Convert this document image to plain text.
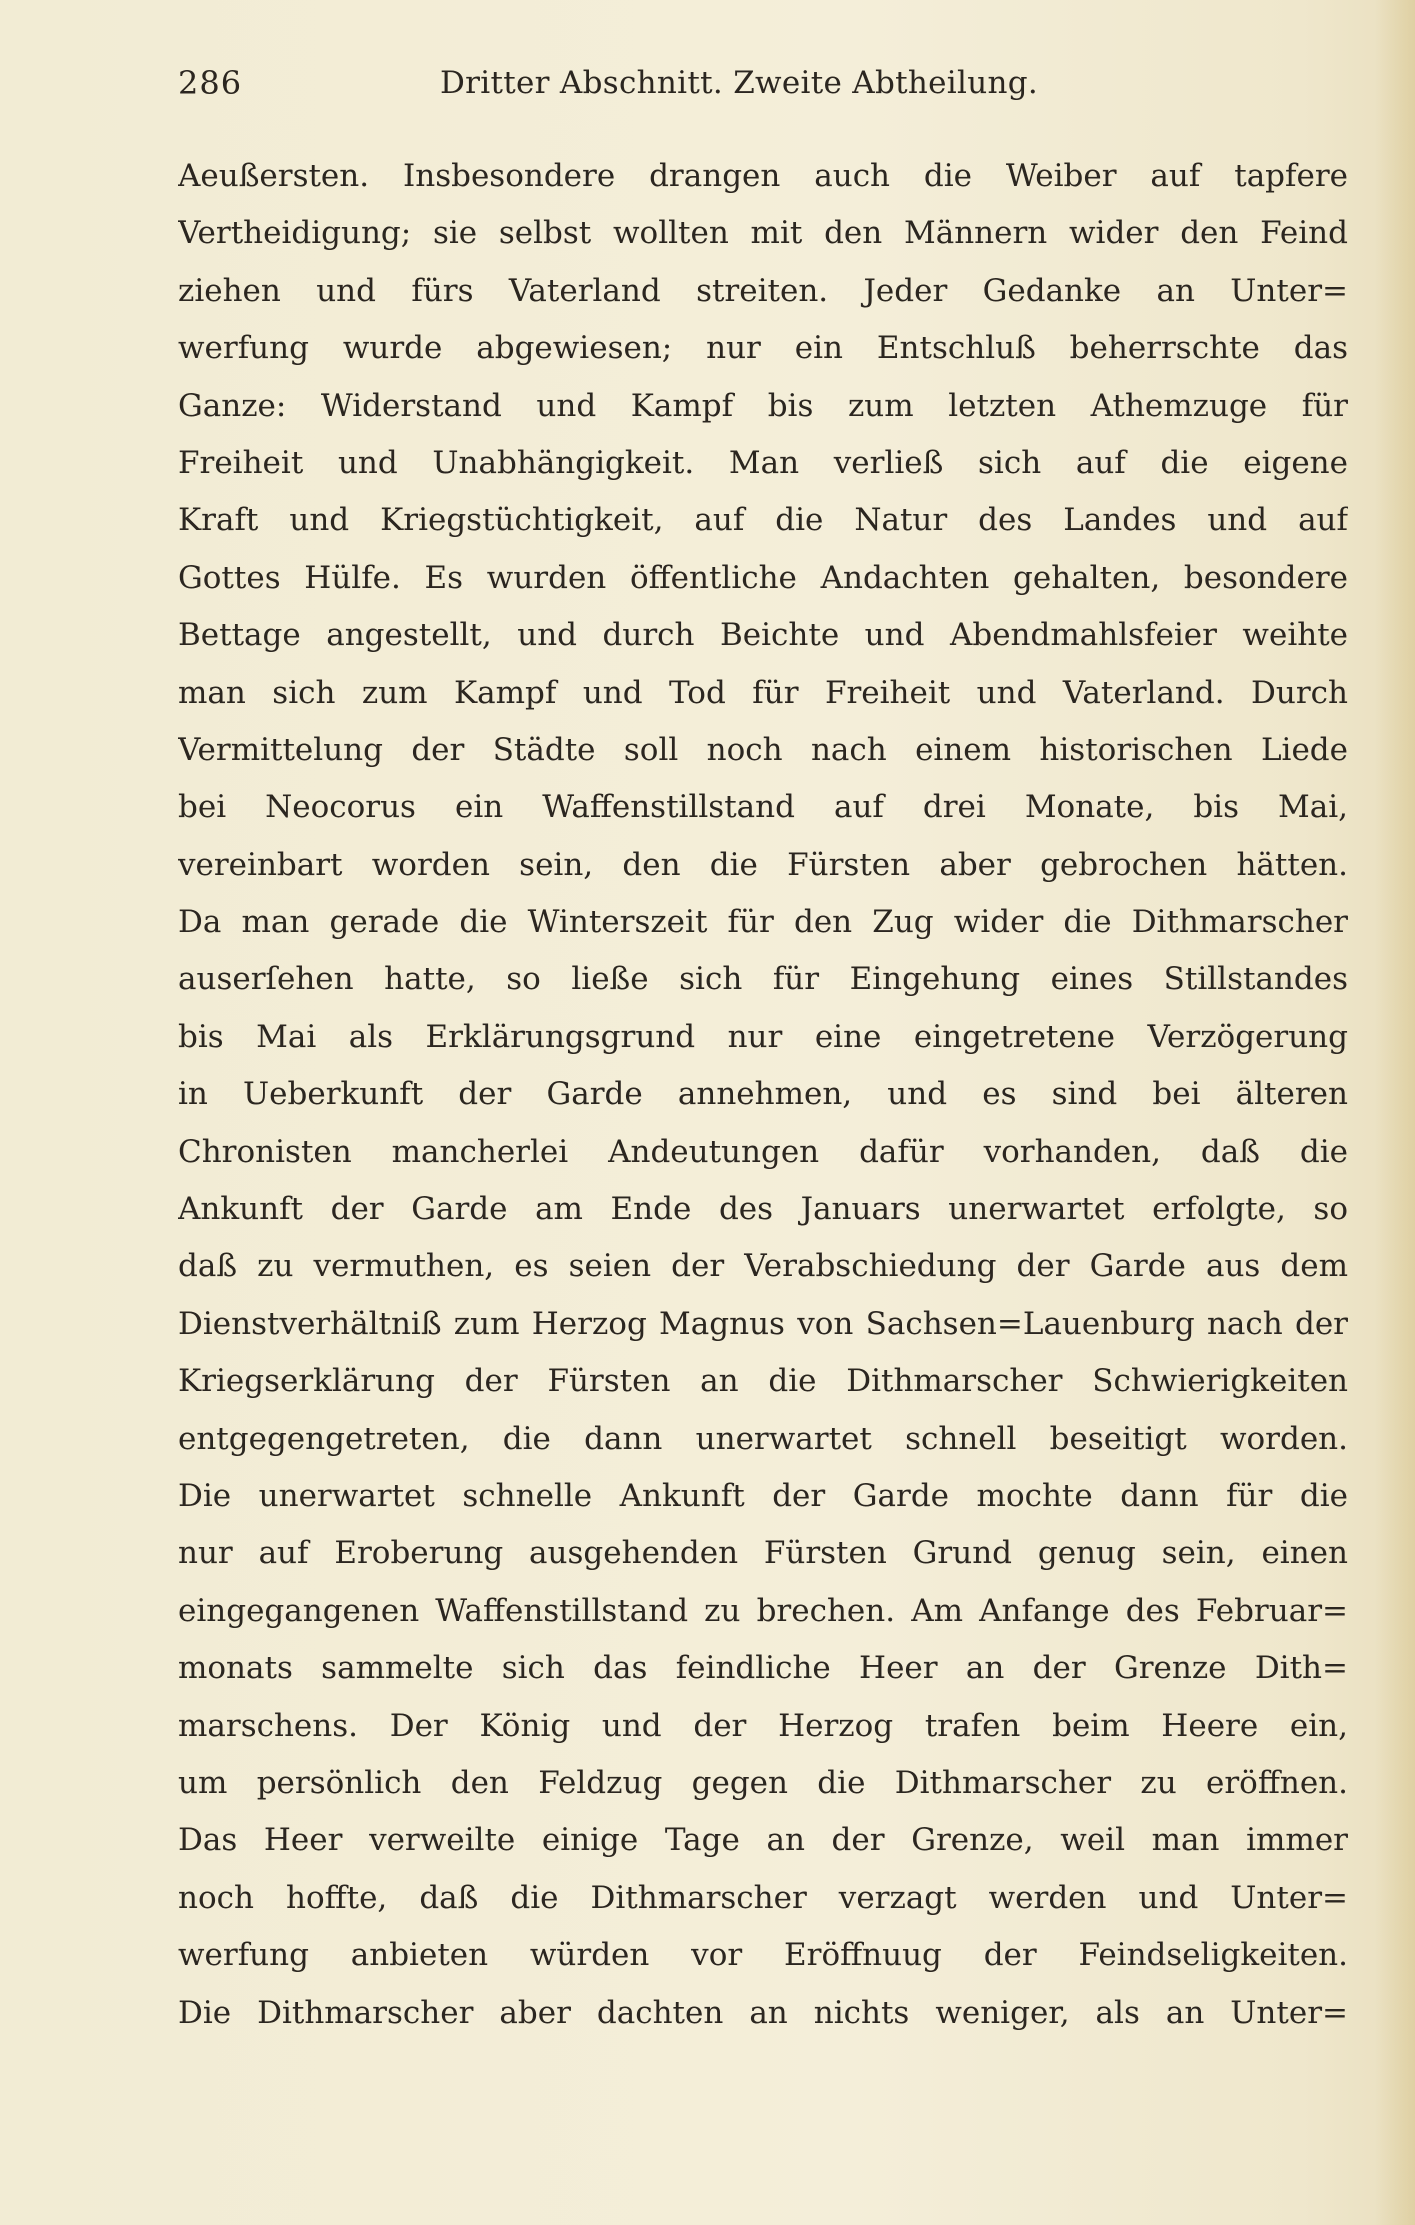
286	Dritter Abschnitt. Zweite Abtheilung.
Aeußersten. Insbesondere drangen auch die Weiber auf tapfere
Vertheidigung; sie selbst wollten mit den Männern wider den Feind
ziehen und fürs Vaterland streiten. Jeder Gedanke an Unter=
werfung wurde abgewiesen; nur ein Entschluß beherrschte das
Ganze: Widerstand und Kampf bis zum letzten Athemzuge für
Freiheit und Unabhängigkeit. Man verließ sich auf die eigene
Kraft und Kriegstüchtigkeit, auf die Natur des Landes und auf
Gottes Hülfe. Es wurden öffentliche Andachten gehalten, besondere
Bettage angestellt, und durch Beichte und Abendmahlsfeier weihte
man sich zum Kampf und Tod für Freiheit und Vaterland. Durch
Vermittelung der Städte soll noch nach einem historischen Liede
bei Neocorus ein Waffenstillstand auf drei Monate, bis Mai,
vereinbart worden sein, den die Fürsten aber gebrochen hätten.
Da man gerade die Winterszeit für den Zug wider die Dithmarscher
auserſehen hatte, so ließe sich für Eingehung eines Stillstandes
bis Mai als Erklärungsgrund nur eine eingetretene Verzögerung
in Ueberkunft der Garde annehmen, und es sind bei älteren
Chronisten mancherlei Andeutungen dafür vorhanden, daß die
Ankunft der Garde am Ende des Januars unerwartet erfolgte, so
daß zu vermuthen, es seien der Verabschiedung der Garde aus dem
Dienstverhältniß zum Herzog Magnus von Sachsen=Lauenburg nach der
Kriegserklärung der Fürsten an die Dithmarscher Schwierigkeiten
entgegengetreten, die dann unerwartet schnell beseitigt worden.
Die unerwartet schnelle Ankunft der Garde mochte dann für die
nur auf Eroberung ausgehenden Fürsten Grund genug sein, einen
eingegangenen Waffenstillstand zu brechen. Am Anfange des Februar=
monats sammelte sich das feindliche Heer an der Grenze Dith=
marschens. Der König und der Herzog trafen beim Heere ein,
um persönlich den Feldzug gegen die Dithmarscher zu eröffnen.
Das Heer verweilte einige Tage an der Grenze, weil man immer
noch hoffte, daß die Dithmarscher verzagt werden und Unter=
werfung anbieten würden vor Eröffnuug der Feindseligkeiten.
Die Dithmarscher aber dachten an nichts weniger, als an Unter=
